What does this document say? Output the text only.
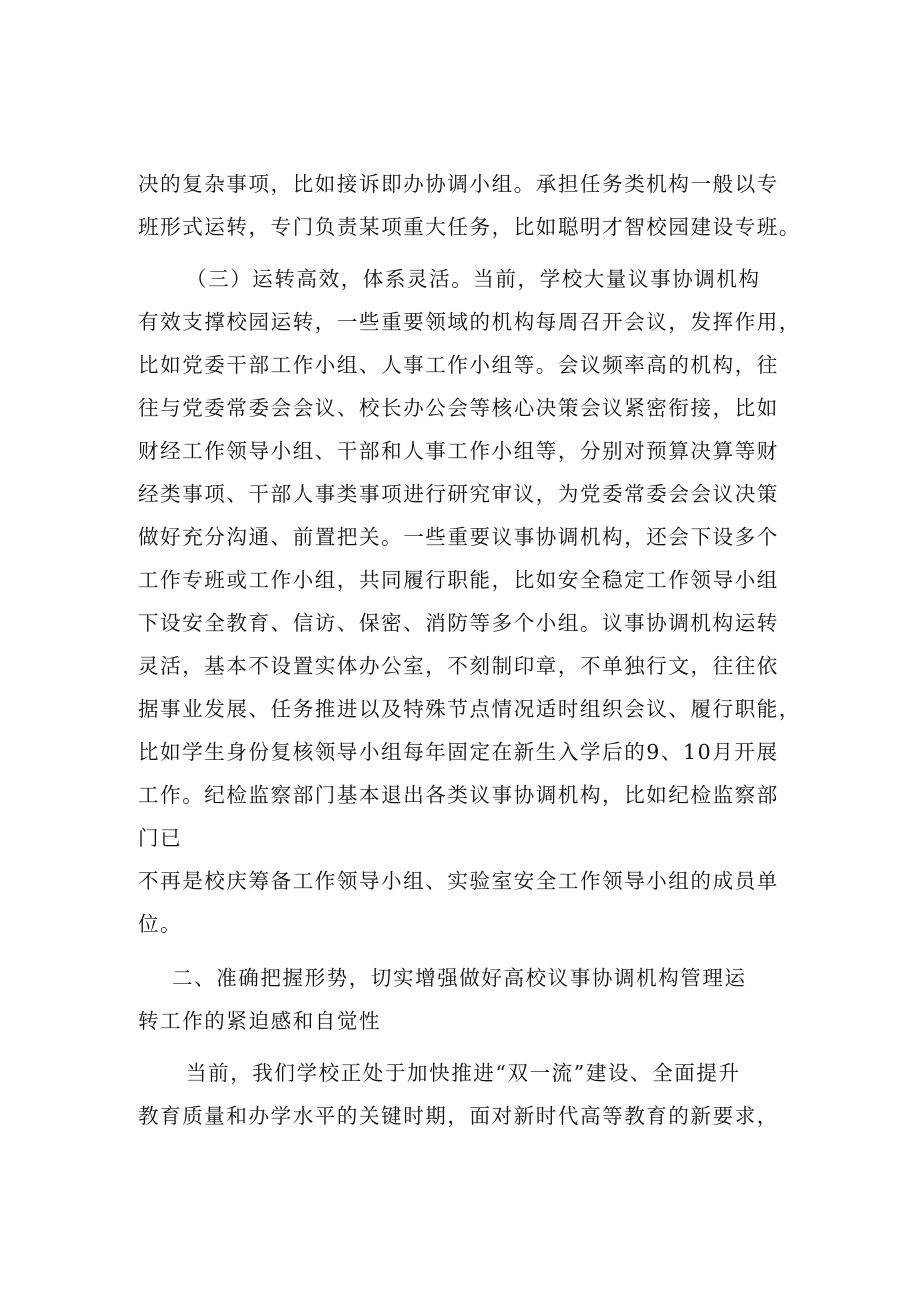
决的复杂事项，比如接诉即办协调小组。承担任务类机构一般以专
班形式运转，专门负责某项重大任务，比如聪明才智校园建设专班。
（三）运转高效，体系灵活。当前，学校大量议事协调机构
有效支撑校园运转，一些重要领域的机构每周召开会议，发挥作用，
比如党委干部工作小组、人事工作小组等。会议频率高的机构，往
往与党委常委会会议、校长办公会等核心决策会议紧密衔接，比如
财经工作领导小组、干部和人事工作小组等，分别对预算决算等财
经类事项、干部人事类事项进行研究审议，为党委常委会会议决策
做好充分沟通、前置把关。一些重要议事协调机构，还会下设多个
工作专班或工作小组，共同履行职能，比如安全稳定工作领导小组
下设安全教育、信访、保密、消防等多个小组。议事协调机构运转
灵活，基本不设置实体办公室，不刻制印章，不单独行文，往往依
据事业发展、任务推进以及特殊节点情况适时组织会议、履行职能，
比如学生身份复核领导小组每年固定在新生入学后的9、10月开展
工作。纪检监察部门基本退出各类议事协调机构，比如纪检监察部
门已
不再是校庆筹备工作领导小组、实验室安全工作领导小组的成员单
位。
二、准确把握形势，切实增强做好高校议事协调机构管理运
转工作的紧迫感和自觉性
当前，我们学校正处于加快推进“双一流”建设、全面提升
教育质量和办学水平的关键时期，面对新时代高等教育的新要求，
